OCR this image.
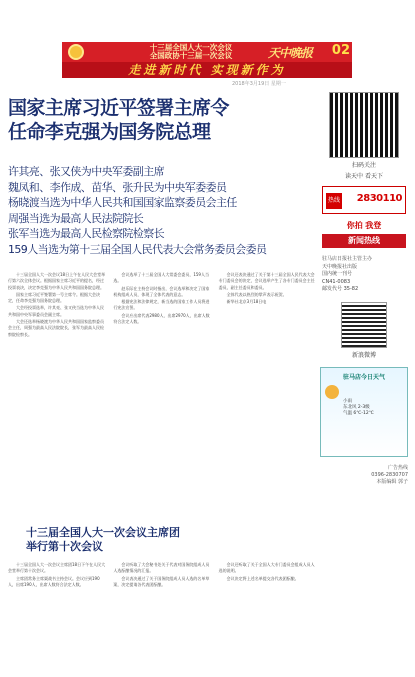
十三届全国人大一次会议
全国政协十三届一次会议	天中晚报 02
走进新时代 实现新作为
2018年3月19日 星期一
国家主席习近平签署主席令
任命李克强为国务院总理
许其亮、张又侠为中央军委副主席
魏凤和、李作成、苗华、张升民为中央军委委员
杨晓渡当选为中华人民共和国国家监察委员会主任
周强当选为最高人民法院院长
张军当选为最高人民检察院检察长
159人当选为第十三届全国人民代表大会常务委员会委员

十三届全国人大一次会议18日上午在人民大会堂举行第六次全体会议。根据国家主席习近平的提名，经过投票表决，决定李克强为中华人民共和国国务院总理。

国家主席习近平签署第一号主席令。根据大会决定，任命李克强为国务院总理。

大会经投票选举，许其亮、张又侠当选为中华人民共和国中央军事委员会副主席。

大会还选举杨晓渡为中华人民共和国国家监察委员会主任，周强为最高人民法院院长，张军为最高人民检察院检察长。

会议选举了十三届全国人大常委会委员，159人当选。

赵乐际在主持会议时指出，会议选举和决定了国家机构组成人员，体现了全体代表的意志。

根据宪法和法律规定，新当选的国家工作人员将进行宪法宣誓。

会议应出席代表2980人，出席2970人，出席人数符合法定人数。

会议还表决通过了关于第十三届全国人民代表大会专门委员会的决定，会议选举产生了各专门委员会主任委员、副主任委员和委员。

全体代表以热烈的掌声表示祝贺。

新华社北京3月18日电

十三届全国人大一次会议主席团
举行第十次会议

十三届全国人大一次会议主席团18日下午在人民大会堂举行第十次会议。

主席团常务主席栗战书主持会议。会议应到190人，出席190人，出席人数符合法定人数。

会议听取了大会秘书处关于代表对国务院组成人员人选酝酿情况的汇报。

会议表决通过了关于国务院组成人员人选的名单草案，决定提请各代表团酝酿。

会议还听取了关于全国人大专门委员会组成人员人选的说明。

会议决定将上述名单提交各代表团酝酿。

扫码关注
读天中 看天下
热线 2830110
你拍 我登
新闻热线
驻马店日报社主管主办
天中晚报社出版
国内统一刊号
CN41-0083
邮发代号 35-82
新浪微博
驻马店今日天气
小雨
东北风 2-3级
气温 6℃-12℃
广告热线
0396-2830707
本版编辑 郭子
